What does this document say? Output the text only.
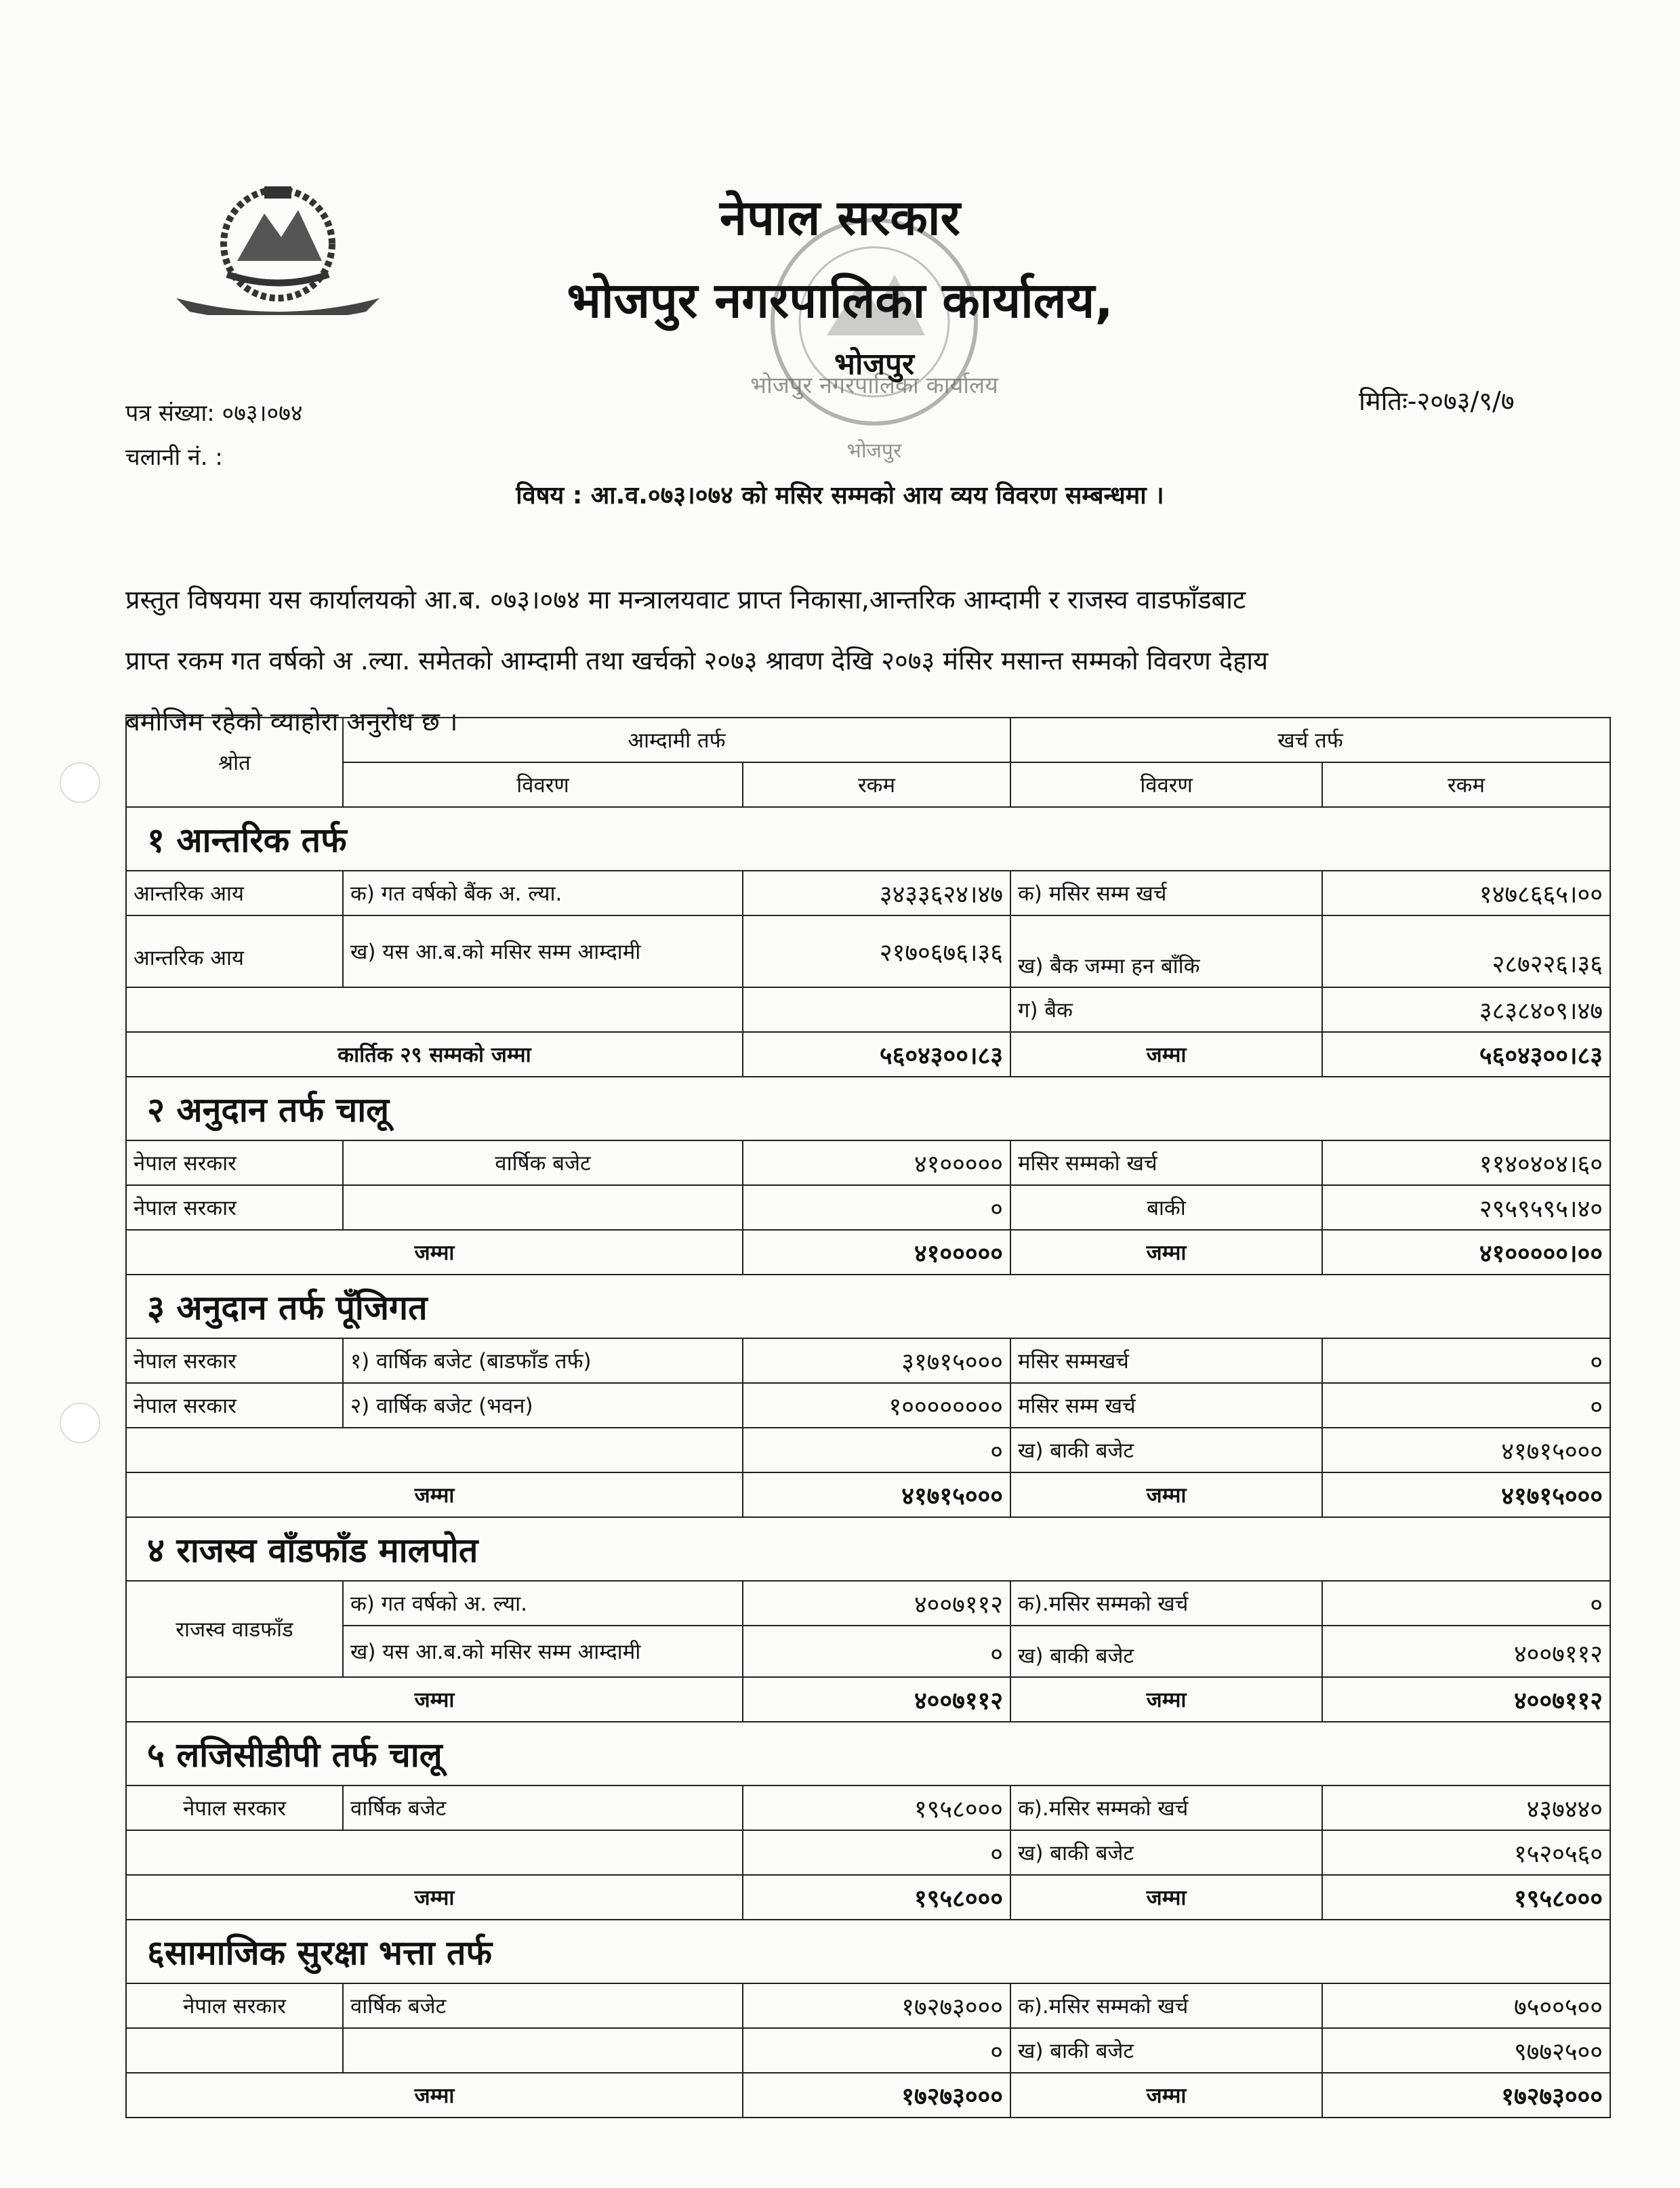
भोजपुर नगरपालिका कार्यालय
भोजपुर
नेपाल सरकार
भोजपुर नगरपालिका कार्यालय,
भोजपुर
पत्र संख्या: ०७३।०७४
चलानी नं. :
मितिः-२०७३/९/७
विषय : आ.व.०७३।०७४ को मसिर सम्मको आय व्यय विवरण सम्बन्धमा ।
प्रस्तुत विषयमा यस कार्यालयको आ.ब. ०७३।०७४ मा मन्त्रालयवाट प्राप्त निकासा,आन्तरिक आम्दामी र राजस्व वाडफाँडबाट
प्राप्त रकम गत वर्षको अ .ल्या. समेतको आम्दामी तथा खर्चको २०७३ श्रावण देखि २०७३ मंसिर मसान्त सम्मको विवरण देहाय
बमोजिम रहेको व्याहोरा अनुरोध छ ।
श्रोत	आम्दामी तर्फ		खर्च तर्फ	
	विवरण	रकम	विवरण	रकम
१ आन्तरिक तर्फ				
आन्तरिक आय	क) गत वर्षको बैंक अ. ल्या.	३४३३६२४।४७	क) मसिर सम्म खर्च	१४७८६६५।००
आन्तरिक आय	ख) यस आ.ब.को मसिर सम्म आम्दामी	२१७०६७६।३६	ख) बैक जम्मा हन बाँकि	२८७२२६।३६
			ग) बैक	३८३८४०९।४७
कार्तिक २९ सम्मको जम्मा		५६०४३००।८३	जम्मा	५६०४३००।८३
२ अनुदान तर्फ चालू				
नेपाल सरकार	वार्षिक बजेट	४१०००००	मसिर सम्मको खर्च	११४०४०४।६०
नेपाल सरकार		०	बाकी	२९५९५९५।४०
जम्मा		४१०००००	जम्मा	४१०००००।००
३ अनुदान तर्फ पूँजिगत				
नेपाल सरकार	१) वार्षिक बजेट (बाडफाँड तर्फ)	३१७१५०००	मसिर सम्मखर्च	०
नेपाल सरकार	२) वार्षिक बजेट (भवन)	१००००००००	मसिर सम्म खर्च	०
		०	ख) बाकी बजेट	४१७१५०००
जम्मा		४१७१५०००	जम्मा	४१७१५०००
४ राजस्व वाँडफाँड मालपोत				
राजस्व वाडफाँड	क) गत वर्षको अ. ल्या.	४००७११२	क).मसिर सम्मको खर्च	०
	ख) यस आ.ब.को मसिर सम्म आम्दामी	०	ख) बाकी बजेट	४००७११२
जम्मा		४००७११२	जम्मा	४००७११२
५ लजिसीडीपी तर्फ चालू				
नेपाल सरकार	वार्षिक बजेट	१९५८०००	क).मसिर सम्मको खर्च	४३७४४०
		०	ख) बाकी बजेट	१५२०५६०
जम्मा		१९५८०००	जम्मा	१९५८०००
६सामाजिक सुरक्षा भत्ता तर्फ				
नेपाल सरकार	वार्षिक बजेट	१७२७३०००	क).मसिर सम्मको खर्च	७५००५००
		०	ख) बाकी बजेट	९७७२५००
जम्मा		१७२७३०००	जम्मा	१७२७३०००
